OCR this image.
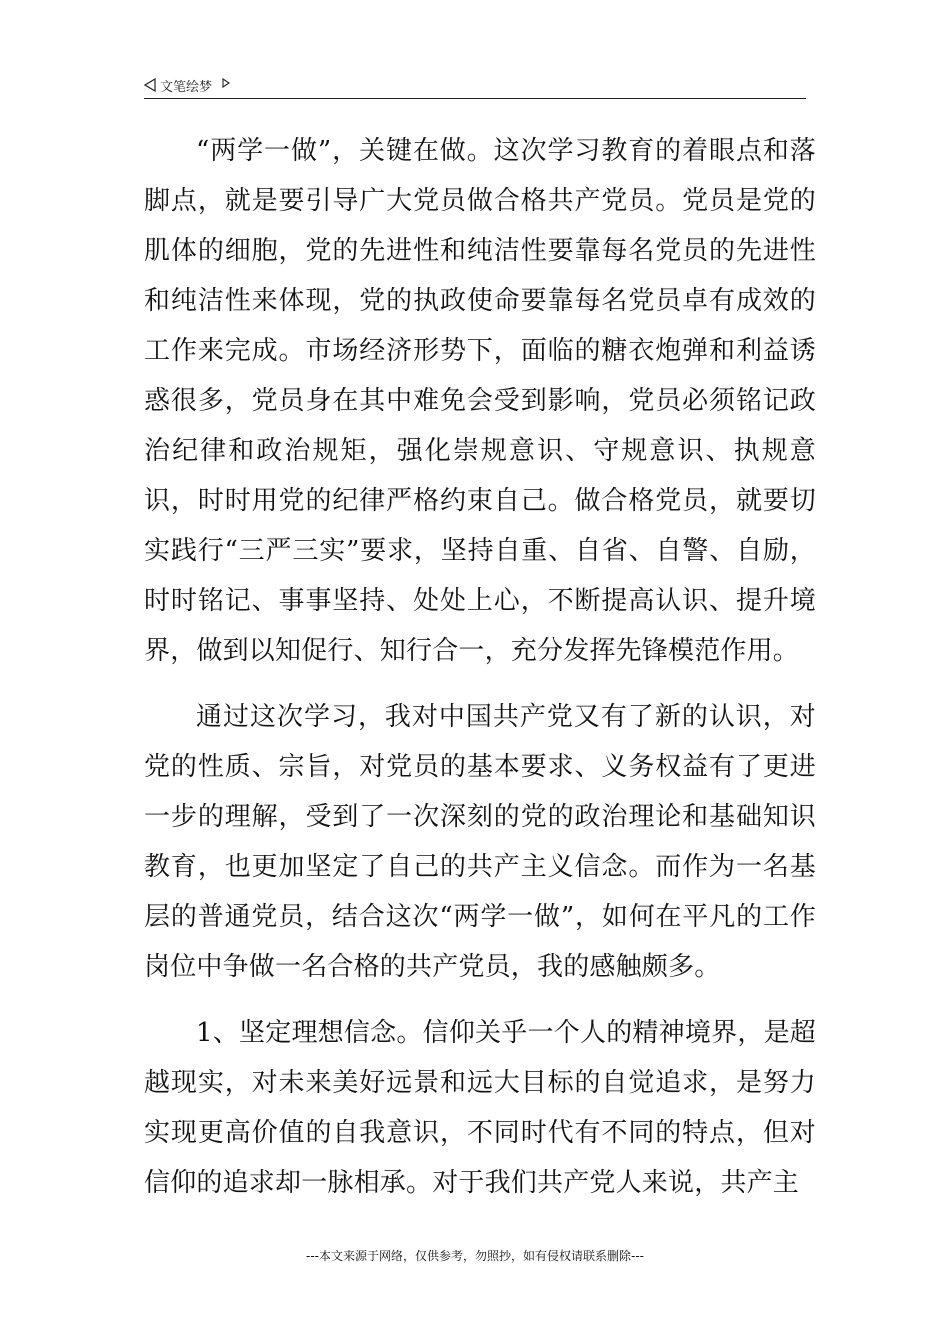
文笔绘梦

“两学一做”，关键在做。这次学习教育的着眼点和落脚点，就是要引导广大党员做合格共产党员。党员是党的肌体的细胞，党的先进性和纯洁性要靠每名党员的先进性和纯洁性来体现，党的执政使命要靠每名党员卓有成效的工作来完成。市场经济形势下，面临的糖衣炮弹和利益诱惑很多，党员身在其中难免会受到影响，党员必须铭记政治纪律和政治规矩，强化崇规意识、守规意识、执规意识，时时用党的纪律严格约束自己。做合格党员，就要切实践行“三严三实”要求，坚持自重、自省、自警、自励，时时铭记、事事坚持、处处上心，不断提高认识、提升境界，做到以知促行、知行合一，充分发挥先锋模范作用。

通过这次学习，我对中国共产党又有了新的认识，对党的性质、宗旨，对党员的基本要求、义务权益有了更进一步的理解，受到了一次深刻的党的政治理论和基础知识教育，也更加坚定了自己的共产主义信念。而作为一名基层的普通党员，结合这次“两学一做”，如何在平凡的工作岗位中争做一名合格的共产党员，我的感触颇多。

1、坚定理想信念。信仰关乎一个人的精神境界，是超越现实，对未来美好远景和远大目标的自觉追求，是努力实现更高价值的自我意识，不同时代有不同的特点，但对信仰的追求却一脉相承。对于我们共产党人来说，共产主

---本文来源于网络，仅供参考，勿照抄，如有侵权请联系删除---
